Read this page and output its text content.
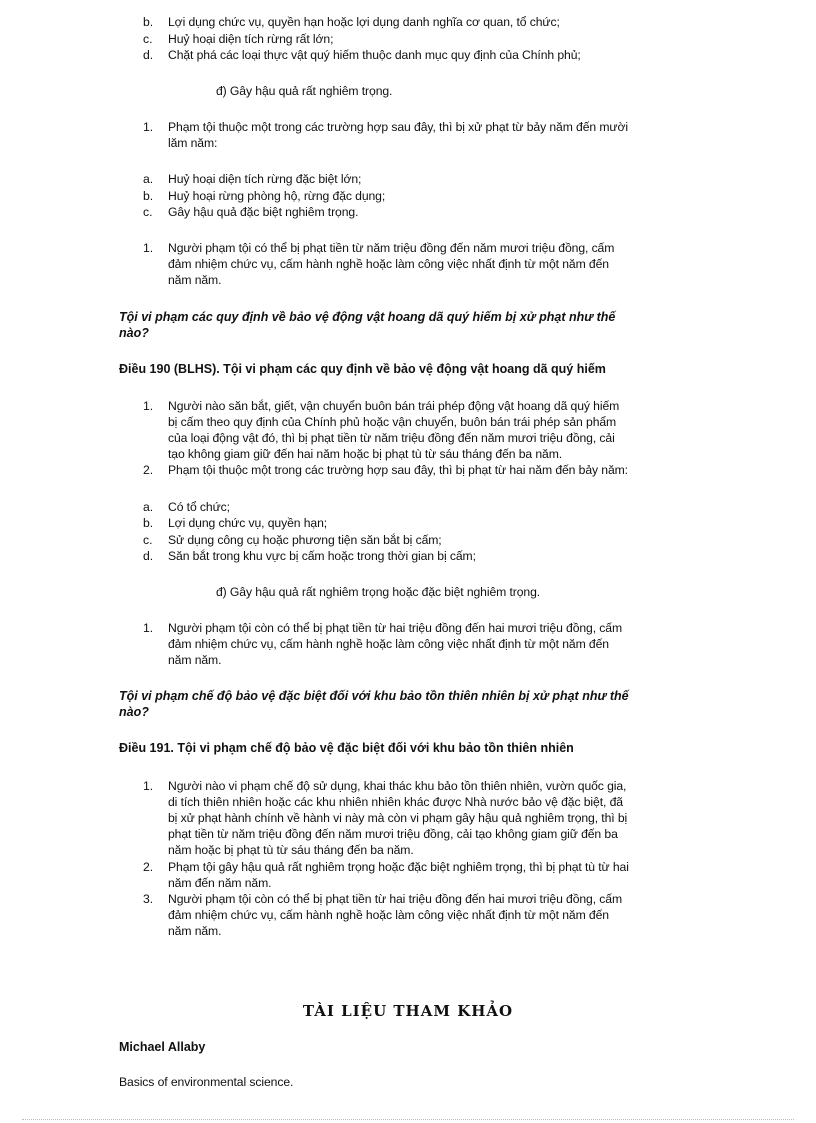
b. Lợi dụng chức vụ, quyền hạn hoặc lợi dụng danh nghĩa cơ quan, tổ chức;
c. Huỷ hoại diện tích rừng rất lớn;
d. Chặt phá các loại thực vật quý hiếm thuộc danh mục quy định của Chính phủ;
đ) Gây hậu quả rất nghiêm trọng.
1. Phạm tội thuộc một trong các trường hợp sau đây, thì bị xử phạt từ bảy năm đến mười
lăm năm:
a. Huỷ hoại diện tích rừng đặc biệt lớn;
b. Huỷ hoại rừng phòng hộ, rừng đặc dụng;
c. Gây hậu quả đặc biệt nghiêm trọng.
1. Người phạm tội có thể bị phạt tiền từ năm triệu đồng đến năm mươi triệu đồng, cấm
đảm nhiệm chức vụ, cấm hành nghề hoặc làm công việc nhất định từ một năm đến
năm năm.
Tội vi phạm các quy định về bảo vệ động vật hoang dã quý hiếm bị xử phạt như thế
nào?
Điều 190 (BLHS). Tội vi phạm các quy định về bảo vệ động vật hoang dã quý hiếm
1. Người nào săn bắt, giết, vận chuyển buôn bán trái phép động vật hoang dã quý hiếm
bị cấm theo quy định của Chính phủ hoặc vận chuyển, buôn bán trái phép sản phẩm
của loại động vật đó, thì bị phạt tiền từ năm triệu đồng đến năm mươi triệu đồng, cải
tạo không giam giữ đến hai năm hoặc bị phạt tù từ sáu tháng đến ba năm.
2. Phạm tội thuộc một trong các trường hợp sau đây, thì bị phạt từ hai năm đến bảy năm:
a. Có tổ chức;
b. Lợi dụng chức vụ, quyền hạn;
c. Sử dụng công cụ hoặc phương tiện săn bắt bị cấm;
d. Săn bắt trong khu vực bị cấm hoặc trong thời gian bị cấm;
đ) Gây hậu quả rất nghiêm trọng hoặc đặc biệt nghiêm trọng.
1. Người phạm tội còn có thể bị phạt tiền từ hai triệu đồng đến hai mươi triệu đồng, cấm
đảm nhiệm chức vụ, cấm hành nghề hoặc làm công việc nhất định từ một năm đến
năm năm.
Tội vi phạm chế độ bảo vệ đặc biệt đối với khu bảo tồn thiên nhiên bị xử phạt như thế
nào?
Điều 191. Tội vi phạm chế độ bảo vệ đặc biệt đối với khu bảo tồn thiên nhiên
1. Người nào vi phạm chế độ sử dụng, khai thác khu bảo tồn thiên nhiên, vườn quốc gia,
di tích thiên nhiên hoặc các khu nhiên nhiên khác được Nhà nước bảo vệ đặc biệt, đã
bị xử phạt hành chính về hành vi này mà còn vi phạm gây hậu quả nghiêm trọng, thì bị
phạt tiền từ năm triệu đồng đến năm mươi triệu đồng, cải tạo không giam giữ đến ba
năm hoặc bị phạt tù từ sáu tháng đến ba năm.
2. Phạm tội gây hậu quả rất nghiêm trọng hoặc đặc biệt nghiêm trọng, thì bị phạt tù từ hai
năm đến năm năm.
3. Người phạm tội còn có thể bị phạt tiền từ hai triệu đồng đến hai mươi triệu đồng, cấm
đảm nhiệm chức vụ, cấm hành nghề hoặc làm công việc nhất định từ một năm đến
năm năm.
TÀI LIỆU THAM KHẢO
Michael Allaby
Basics of environmental science.
